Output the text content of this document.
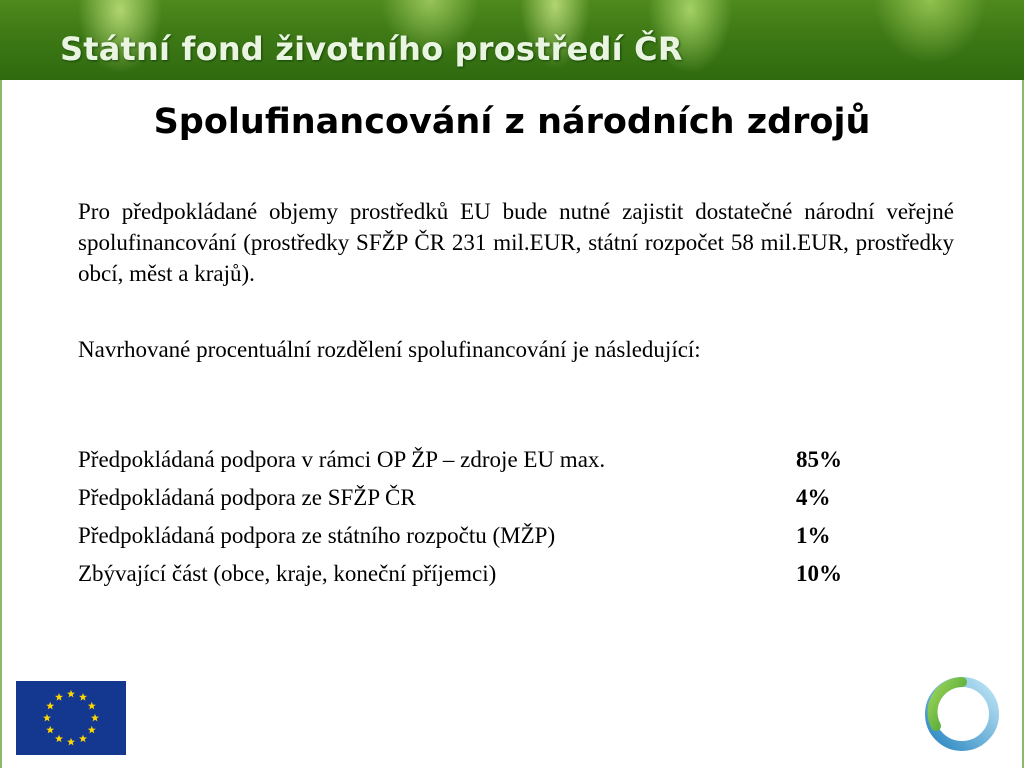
Státní fond životního prostředí ČR
Spolufinancování z národních zdrojů
Pro předpokládané objemy prostředků EU bude nutné zajistit dostatečné národní veřejné spolufinancování (prostředky SFŽP ČR 231 mil.EUR, státní rozpočet 58 mil.EUR, prostředky obcí, měst a krajů).
Navrhované procentuální rozdělení spolufinancování je následující:
Předpokládaná podpora v rámci OP ŽP – zdroje EU max.	85%
Předpokládaná podpora ze SFŽP ČR	4%
Předpokládaná podpora ze státního rozpočtu (MŽP)	1%
Zbývající část (obce, kraje, koneční příjemci)	10%
